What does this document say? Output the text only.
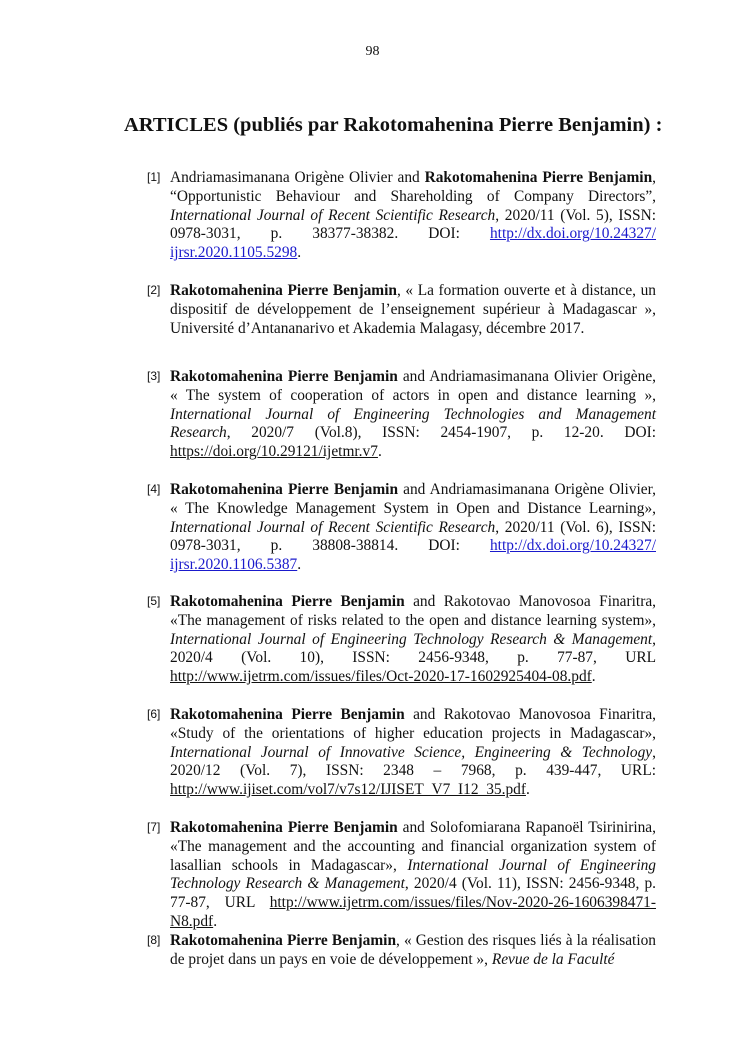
98
ARTICLES (publiés par Rakotomahenina Pierre Benjamin) :
[1] Andriamasimanana Origène Olivier and Rakotomahenina Pierre Benjamin, “Opportunistic Behaviour and Shareholding of Company Directors”, International Journal of Recent Scientific Research, 2020/11 (Vol. 5), ISSN: 0978-3031, p. 38377-38382. DOI: http://dx.doi.org/10.24327/ ijrsr.2020.1105.5298.
[2] Rakotomahenina Pierre Benjamin, « La formation ouverte et à distance, un dispositif de développement de l’enseignement supérieur à Madagascar », Université d’Antananarivo et Akademia Malagasy, décembre 2017.
[3] Rakotomahenina Pierre Benjamin and Andriamasimanana Olivier Origène, « The system of cooperation of actors in open and distance learning », International Journal of Engineering Technologies and Management Research, 2020/7 (Vol.8), ISSN: 2454-1907, p. 12-20. DOI: https://doi.org/10.29121/ijetmr.v7.
[4] Rakotomahenina Pierre Benjamin and Andriamasimanana Origène Olivier, « The Knowledge Management System in Open and Distance Learning», International Journal of Recent Scientific Research, 2020/11 (Vol. 6), ISSN: 0978-3031, p. 38808-38814. DOI: http://dx.doi.org/10.24327/ ijrsr.2020.1106.5387.
[5] Rakotomahenina Pierre Benjamin and Rakotovao Manovosoa Finaritra, «The management of risks related to the open and distance learning system», International Journal of Engineering Technology Research & Management, 2020/4 (Vol. 10), ISSN: 2456-9348, p. 77-87, URL http://www.ijetrm.com/issues/files/Oct-2020-17-1602925404-08.pdf.
[6] Rakotomahenina Pierre Benjamin and Rakotovao Manovosoa Finaritra, «Study of the orientations of higher education projects in Madagascar», International Journal of Innovative Science, Engineering & Technology, 2020/12 (Vol. 7), ISSN: 2348 – 7968, p. 439-447, URL: http://www.ijiset.com/vol7/v7s12/IJISET_V7_I12_35.pdf.
[7] Rakotomahenina Pierre Benjamin and Solofomiarana Rapanoël Tsirinirina, «The management and the accounting and financial organization system of lasallian schools in Madagascar», International Journal of Engineering Technology Research & Management, 2020/4 (Vol. 11), ISSN: 2456-9348, p. 77-87, URL http://www.ijetrm.com/issues/files/Nov-2020-26-1606398471-N8.pdf.
[8] Rakotomahenina Pierre Benjamin, « Gestion des risques liés à la réalisation de projet dans un pays en voie de développement », Revue de la Faculté
